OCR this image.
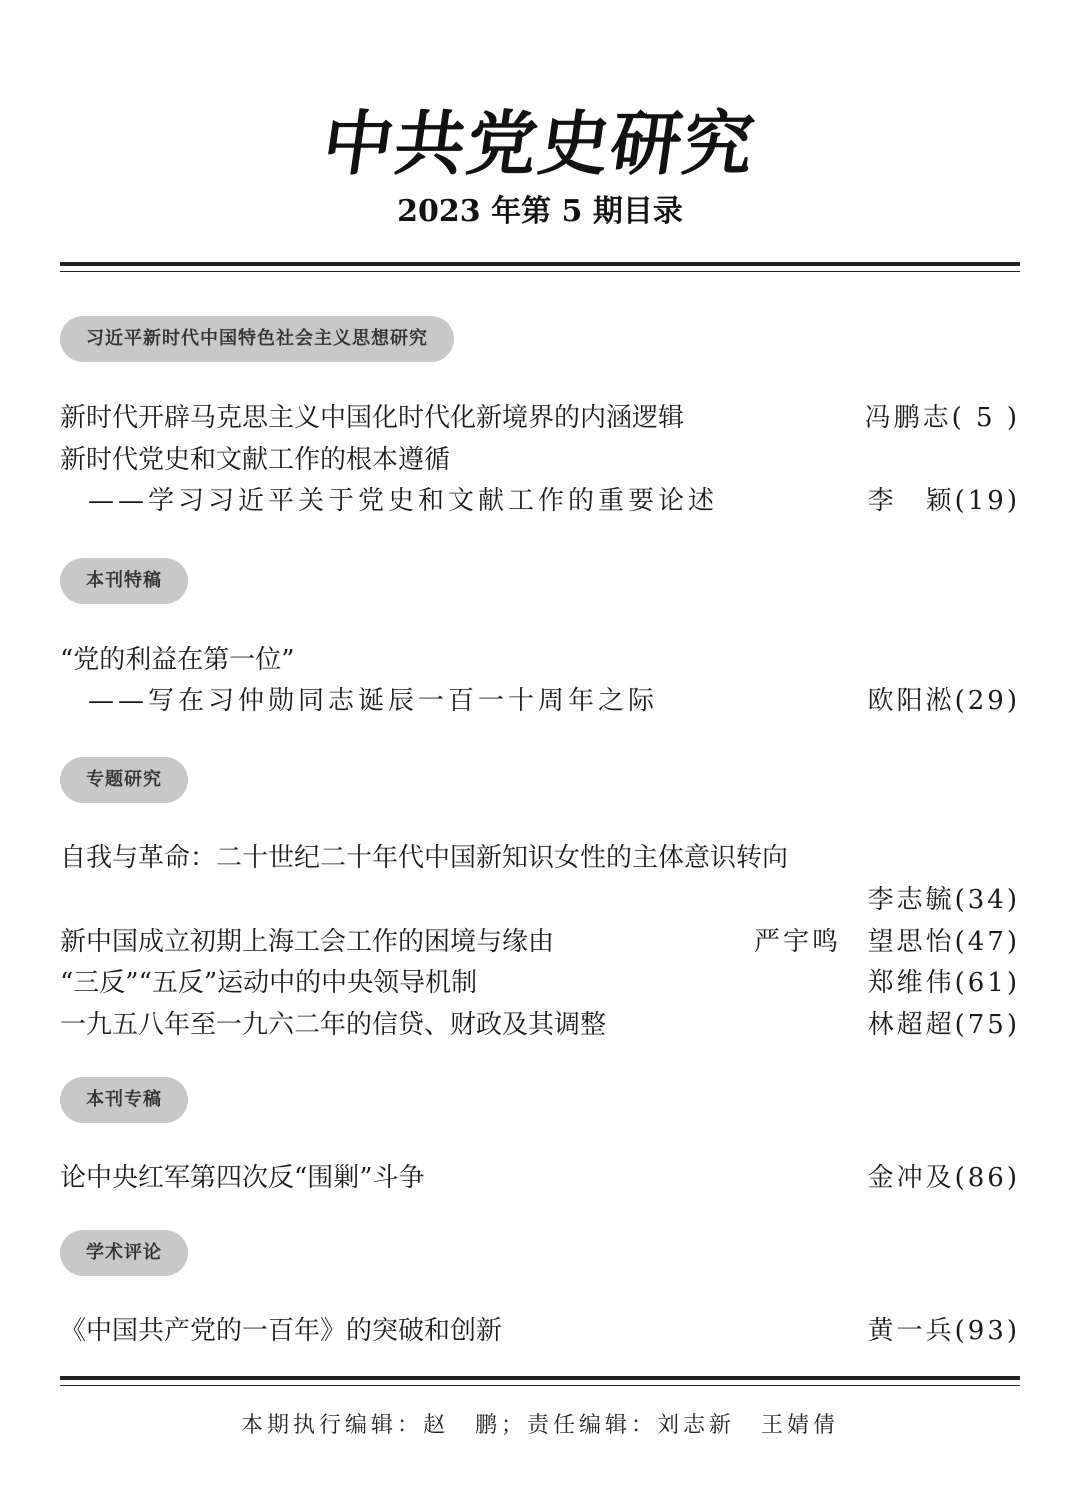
中共党史研究
2023 年第 5 期目录
习近平新时代中国特色社会主义思想研究
新时代开辟马克思主义中国化时代化新境界的内涵逻辑	冯鹏志( 5 )
新时代党史和文献工作的根本遵循
——学习习近平关于党史和文献工作的重要论述	李　颖(19)
本刊特稿
“党的利益在第一位”
——写在习仲勋同志诞辰一百一十周年之际	欧阳淞(29)
专题研究
自我与革命：二十世纪二十年代中国新知识女性的主体意识转向
李志毓(34)
新中国成立初期上海工会工作的困境与缘由	严宇鸣 望思怡(47)
“三反”“五反”运动中的中央领导机制	郑维伟(61)
一九五八年至一九六二年的信贷、财政及其调整	林超超(75)
本刊专稿
论中央红军第四次反“围剿”斗争	金冲及(86)
学术评论
《中国共产党的一百年》的突破和创新	黄一兵(93)
本期执行编辑：赵　鹏；责任编辑：刘志新　王婧倩
